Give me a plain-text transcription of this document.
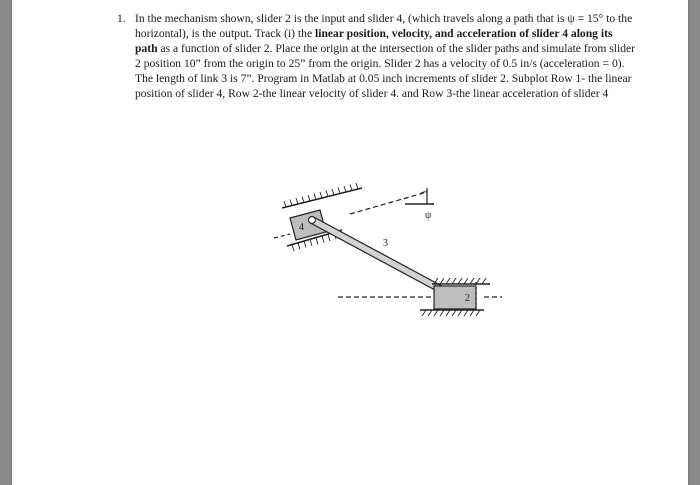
1. In the mechanism shown, slider 2 is the input and slider 4, (which travels along a path that is ψ = 15° to the horizontal), is the output. Track (i) the linear position, velocity, and acceleration of slider 4 along its path as a function of slider 2. Place the origin at the intersection of the slider paths and simulate from slider 2 position 10” from the origin to 25” from the origin. Slider 2 has a velocity of 0.5 in/s (acceleration = 0). The length of link 3 is 7”. Program in Matlab at 0.05 inch increments of slider 2. Subplot Row 1- the linear position of slider 4, Row 2-the linear velocity of slider 4. and Row 3-the linear acceleration of slider 4
ψ
4
3
2
